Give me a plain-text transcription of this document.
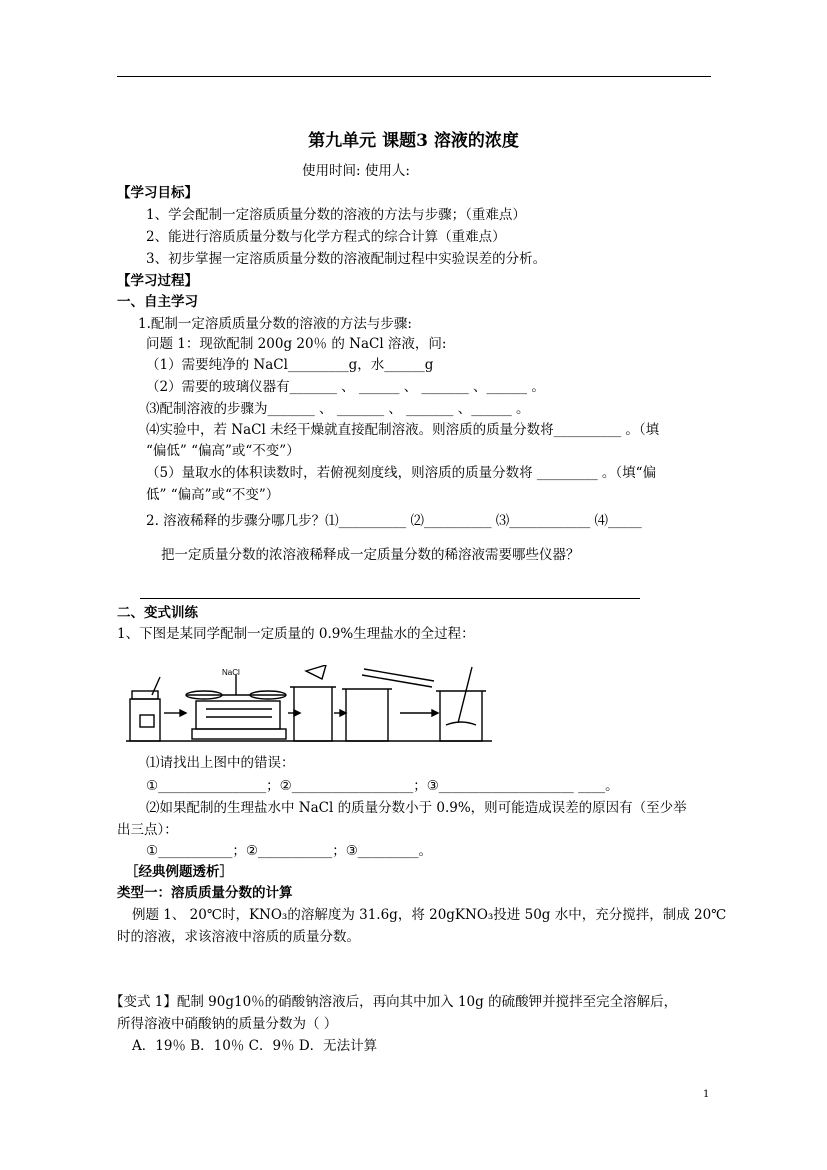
第九单元 课题3 溶液的浓度
使用时间: 使用人:
【学习目标】
1、学会配制一定溶质质量分数的溶液的方法与步骤；（重难点）
2、能进行溶质质量分数与化学方程式的综合计算（重难点）
3、初步掌握一定溶质质量分数的溶液配制过程中实验误差的分析。
【学习过程】
一、自主学习
1.配制一定溶质质量分数的溶液的方法与步骤:
问题 1：现欲配制 200g 20％ 的 NaCl 溶液，问:
（1）需要纯净的 NaCl_________g，水______g
（2）需要的玻璃仪器有_______ 、 ______ 、 _______ 、______ 。
⑶配制溶液的步骤为_______ 、 _______ 、 _______ 、______ 。
⑷实验中，若 NaCl 未经干燥就直接配制溶液。则溶质的质量分数将__________ 。（填
“偏低” “偏高”或“不变”）
（5）量取水的体积读数时，若俯视刻度线，则溶质的质量分数将 _________ 。（填“偏
低” “偏高”或“不变”）
2. 溶液稀释的步骤分哪几步？⑴__________ ⑵__________ ⑶____________ ⑷_____
把一定质量分数的浓溶液稀释成一定质量分数的稀溶液需要哪些仪器？
二、变式训练
1、下图是某同学配制一定质量的 0.9%生理盐水的全过程：
NaCl
⑴请找出上图中的错误：
①________________；②__________________；③____________________ ____。
⑵如果配制的生理盐水中 NaCl 的质量分数小于 0.9%，则可能造成误差的原因有（至少举
出三点）：
①___________；②___________；③_________。
［经典例题透析］
类型一：溶质质量分数的计算
例题 1、 20℃时，KNO₃的溶解度为 31.6g，将 20gKNO₃投进 50g 水中，充分搅拌，制成 20℃
时的溶液，求该溶液中溶质的质量分数。
【变式 1】配制 90g10％的硝酸钠溶液后，再向其中加入 10g 的硫酸钾并搅拌至完全溶解后，
所得溶液中硝酸钠的质量分数为（ ）
A．19％ B．10％ C．9％ D．无法计算
1
